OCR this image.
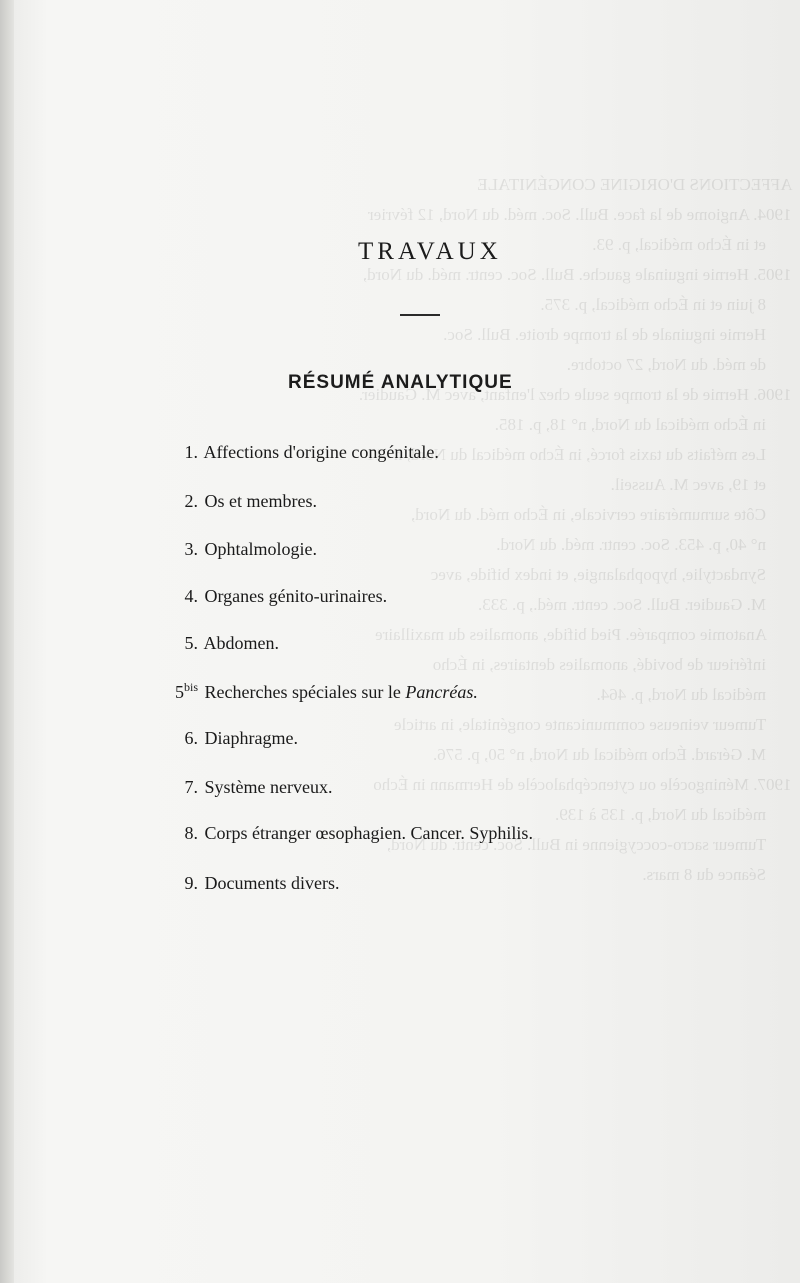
AFFECTIONS D'ORIGINE CONGÉNITALE
1904. Angiome de la face. Bull. Soc. méd. du Nord, 12 février
et in Écho médical, p. 93.
1905. Hernie inguinale gauche. Bull. Soc. centr. méd. du Nord,
8 juin et in Écho médical, p. 375.
Hernie inguinale de la trompe droite. Bull. Soc.
de méd. du Nord, 27 octobre.
1906. Hernie de la trompe seule chez l'enfant, avec M. Gaudier.
in Écho médical du Nord, n° 18, p. 185.
Les méfaits du taxis forcé, in Écho médical du Nord, n° 11
et 19, avec M. Ausseil.
Côte surnuméraire cervicale, in Écho méd. du Nord,
n° 40, p. 453. Soc. centr. méd. du Nord.
Syndactylie, hypophalangie, et index bifide, avec
M. Gaudier. Bull. Soc. centr. méd., p. 333.
Anatomie comparée. Pied bifide, anomalies du maxillaire
inférieur de bovidé, anomalies dentaires, in Écho
médical du Nord, p. 464.
Tumeur veineuse communicante congénitale, in article
M. Gérard. Écho médical du Nord, n° 50, p. 576.
1907. Méningocèle ou cytencéphalocèle de Hermann in Écho
médical du Nord, p. 135 à 139.
Tumeur sacro-coccygienne in Bull. Soc. centr. du Nord,
Séance du 8 mars.

TRAVAUX
RÉSUMÉ ANALYTIQUE
1. Affections d'origine congénitale.
2. Os et membres.
3. Ophtalmologie.
4. Organes génito-urinaires.
5. Abdomen.
$5^{bis}$ Recherches spéciales sur le Pancréas.
6. Diaphragme.
7. Système nerveux.
8. Corps étranger œsophagien. Cancer. Syphilis.
9. Documents divers.
